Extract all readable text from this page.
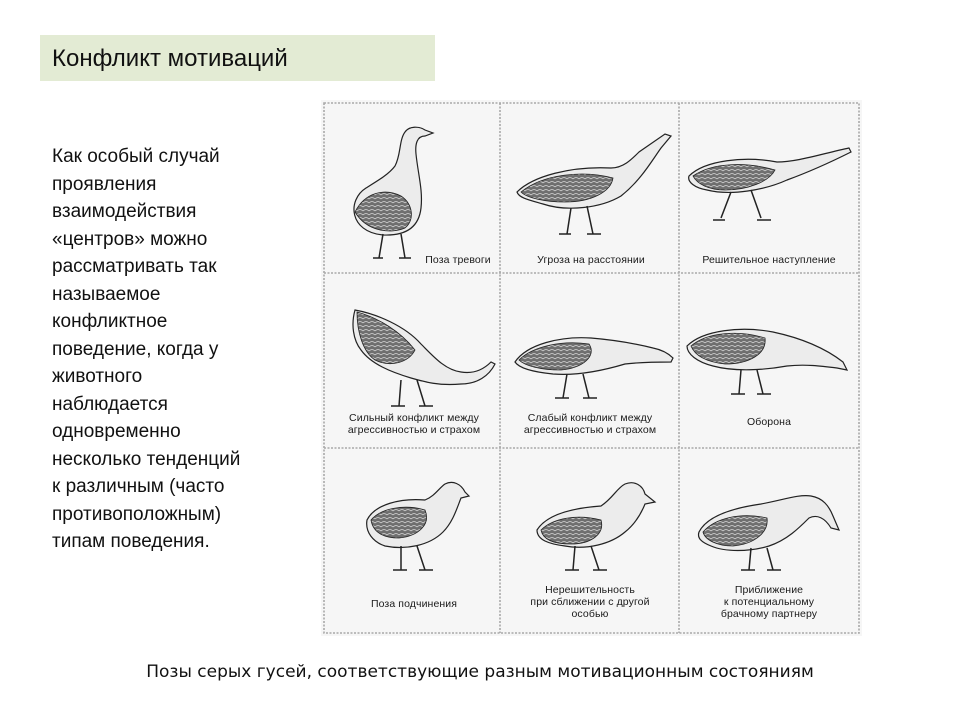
Конфликт мотиваций
Как особый случай
проявления
взаимодействия
«центров» можно
рассматривать так
называемое
конфликтное
поведение, когда у
животного
наблюдается
одновременно
несколько тенденций
к различным (часто
противоположным)
типам поведения.
Поза тревоги	Угроза на расстоянии	Решительное наступление
Сильный конфликт между
агрессивностью и страхом
Слабый конфликт между
агрессивностью и страхом
Оборона
Поза подчинения
Нерешительность
при сближении с другой
особью
Приближение
к потенциальному
брачному партнеру
Позы серых гусей, соответствующие разным мотивационным состояниям
